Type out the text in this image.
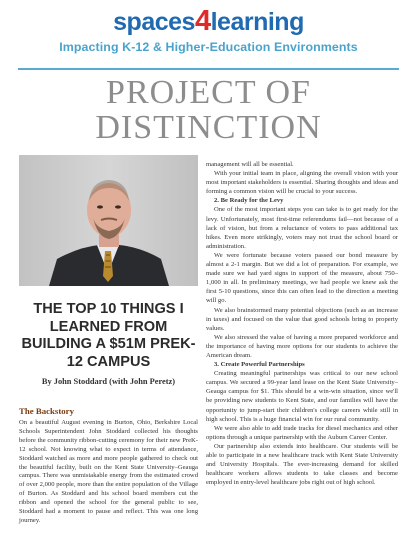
spaces4learning
Impacting K-12 & Higher-Education Environments
PROJECT OF
DISTINCTION
THE TOP 10 THINGS I LEARNED FROM BUILDING A $51M PREK-12 CAMPUS
By John Stoddard (with John Peretz)
The Backstory
On a beautiful August evening in Burton, Ohio, Berkshire Local Schools Superintendent John Stoddard collected his thoughts before the community ribbon-cutting ceremony for their new PreK-12 school. Not knowing what to expect in terms of attendance, Stoddard watched as more and more people gathered to check out the beautiful facility, built on the Kent State University–Geauga campus. There was unmistakable energy from the estimated crowd of over 2,000 people, more than the entire population of the Village of Burton. As Stoddard and his school board members cut the ribbon and opened the school for the general public to see, Stoddard had a moment to pause and reflect. This was one long journey.

management will all be essential.

With your initial team in place, aligning the overall vision with your most important stakeholders is essential. Sharing thoughts and ideas and forming a common vision will be crucial to your success.

2. Be Ready for the Levy

One of the most important steps you can take is to get ready for the levy. Unfortunately, most first-time referendums fail—not because of a lack of vision, but from a reluctance of voters to pass additional tax hikes. Even more strikingly, voters may not trust the school board or administration.

We were fortunate because voters passed our bond measure by almost a 2-1 margin. But we did a lot of preparation. For example, we made sure we had yard signs in support of the measure, about 750–1,000 in all. In preliminary meetings, we had people we knew ask the first 5-10 questions, since this can often lead to the direction a meeting will go.

We also brainstormed many potential objections (such as an increase in taxes) and focused on the value that good schools bring to property values.

We also stressed the value of having a more prepared workforce and the importance of having more options for our students to achieve the American dream.

3. Create Powerful Partnerships

Creating meaningful partnerships was critical to our new school campus. We secured a 99-year land lease on the Kent State University–Geauga campus for $1. This should be a win-win situation, since we'll be providing new students to Kent State, and our families will have the opportunity to jump-start their children's college careers while still in high school. This is a huge financial win for our rural community.

We were also able to add trade tracks for diesel mechanics and other options through a unique partnership with the Auburn Career Center.

Our partnership also extends into healthcare. Our students will be able to participate in a new healthcare track with Kent State University and University Hospitals. The ever-increasing demand for skilled healthcare workers allows students to take classes and become employed in entry-level healthcare jobs right out of high school.
